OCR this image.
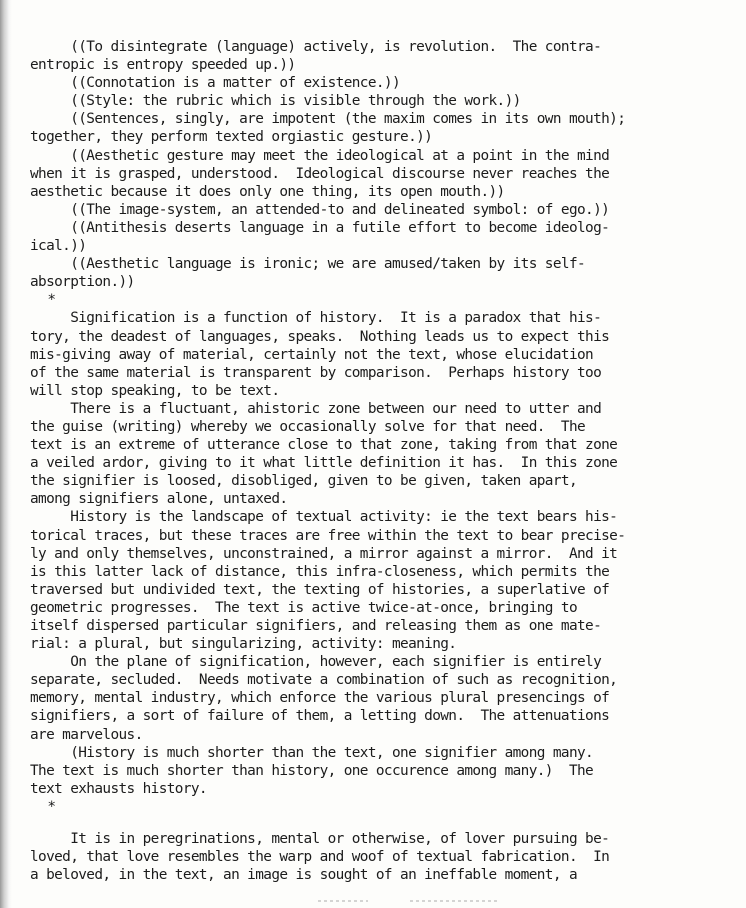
((To disintegrate (language) actively, is revolution.  The contra-
entropic is entropy speeded up.))
((Connotation is a matter of existence.))
((Style: the rubric which is visible through the work.))
((Sentences, singly, are impotent (the maxim comes in its own mouth);
together, they perform texted orgiastic gesture.))
((Aesthetic gesture may meet the ideological at a point in the mind
when it is grasped, understood.  Ideological discourse never reaches the
aesthetic because it does only one thing, its open mouth.))
((The image-system, an attended-to and delineated symbol: of ego.))
((Antithesis deserts language in a futile effort to become ideolog-
ical.))
((Aesthetic language is ironic; we are amused/taken by its self-
absorption.))
*
Signification is a function of history.  It is a paradox that his-
tory, the deadest of languages, speaks.  Nothing leads us to expect this
mis-giving away of material, certainly not the text, whose elucidation
of the same material is transparent by comparison.  Perhaps history too
will stop speaking, to be text.
There is a fluctuant, ahistoric zone between our need to utter and
the guise (writing) whereby we occasionally solve for that need.  The
text is an extreme of utterance close to that zone, taking from that zone
a veiled ardor, giving to it what little definition it has.  In this zone
the signifier is loosed, disobliged, given to be given, taken apart,
among signifiers alone, untaxed.
History is the landscape of textual activity: ie the text bears his-
torical traces, but these traces are free within the text to bear precise-
ly and only themselves, unconstrained, a mirror against a mirror.  And it
is this latter lack of distance, this infra-closeness, which permits the
traversed but undivided text, the texting of histories, a superlative of
geometric progresses.  The text is active twice-at-once, bringing to
itself dispersed particular signifiers, and releasing them as one mate-
rial: a plural, but singularizing, activity: meaning.
On the plane of signification, however, each signifier is entirely
separate, secluded.  Needs motivate a combination of such as recognition,
memory, mental industry, which enforce the various plural presencings of
signifiers, a sort of failure of them, a letting down.  The attenuations
are marvelous.
(History is much shorter than the text, one signifier among many.
The text is much shorter than history, one occurence among many.)  The
text exhausts history.
*
It is in peregrinations, mental or otherwise, of lover pursuing be-
loved, that love resembles the warp and woof of textual fabrication.  In
a beloved, in the text, an image is sought of an ineffable moment, a
